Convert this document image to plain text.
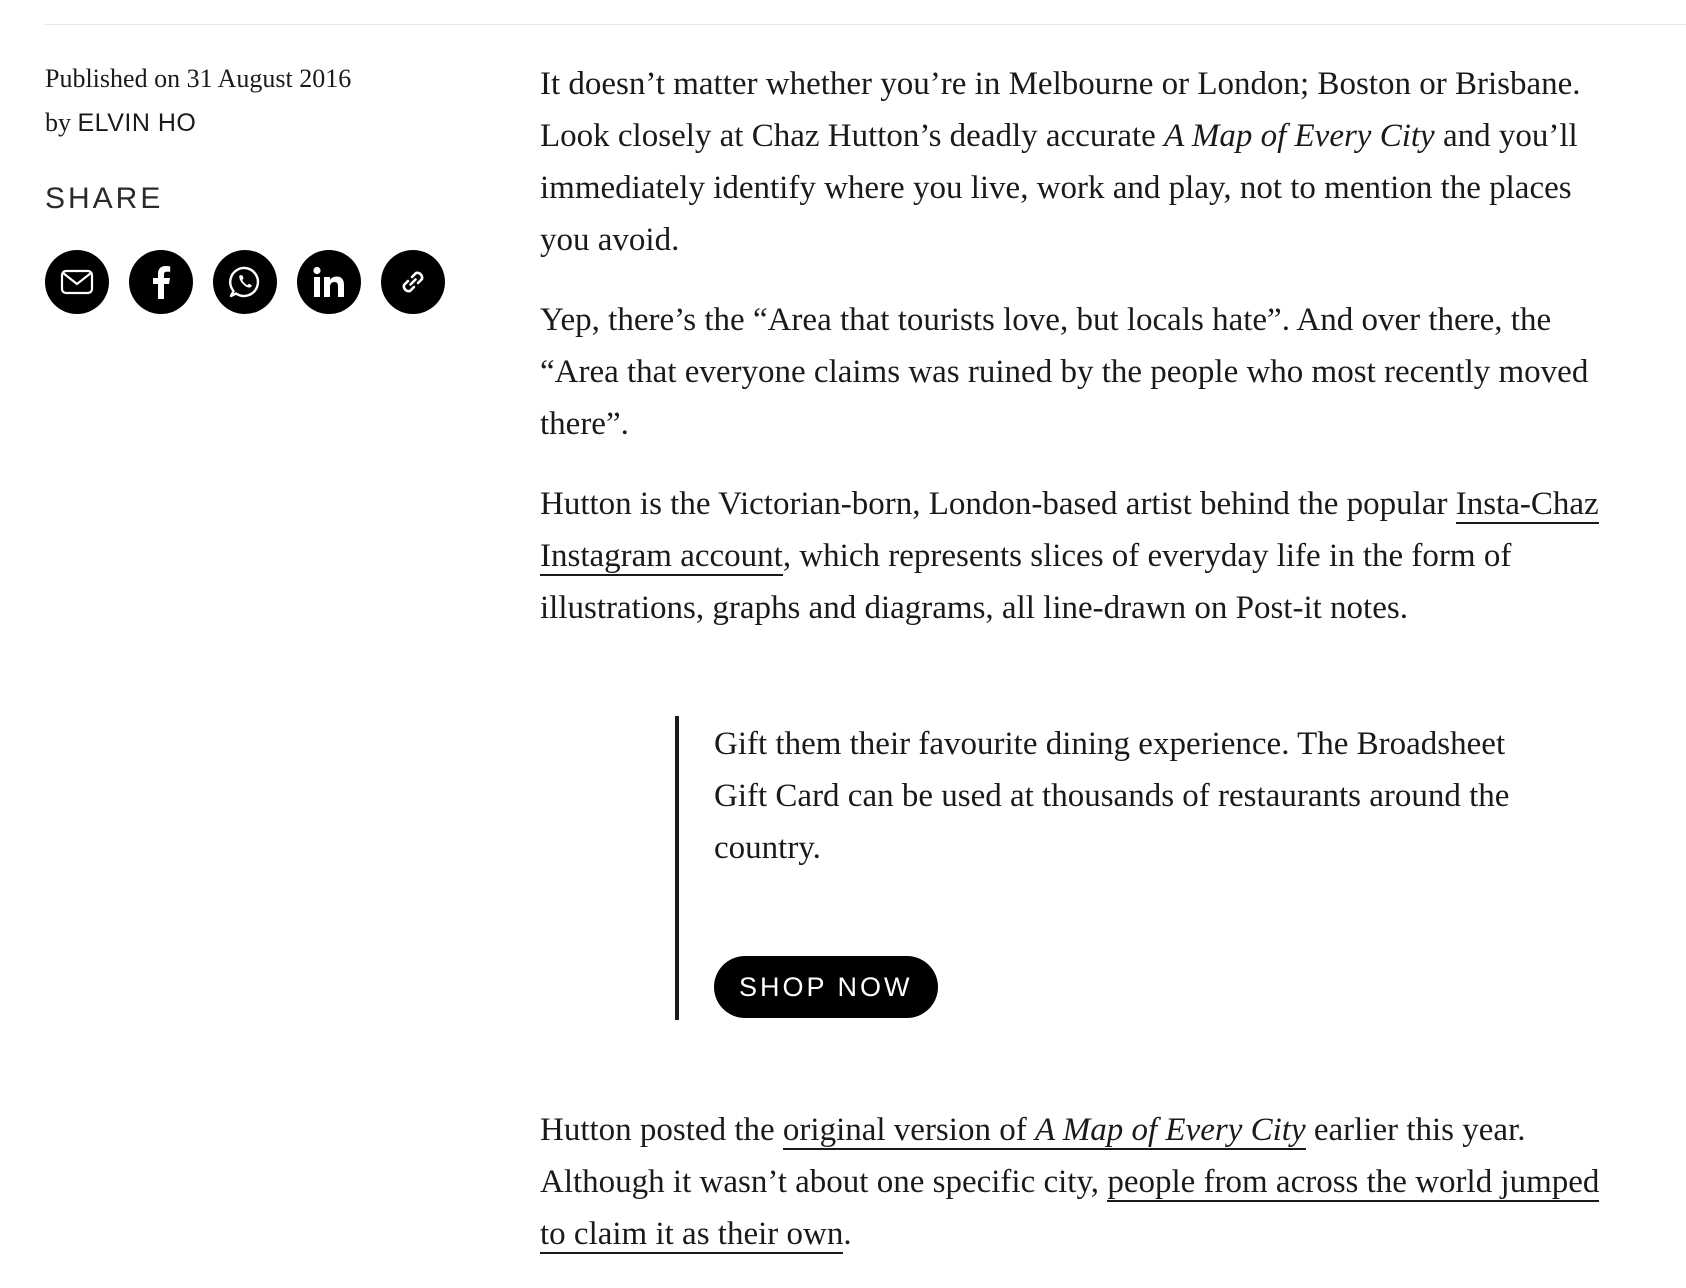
Published on 31 August 2016
by ELVIN HO
SHARE

It doesn’t matter whether you’re in Melbourne or London; Boston or Brisbane. Look closely at Chaz Hutton’s deadly accurate A Map of Every City and you’ll immediately identify where you live, work and play, not to mention the places you avoid.

Yep, there’s the “Area that tourists love, but locals hate”. And over there, the “Area that everyone claims was ruined by the people who most recently moved there”.

Hutton is the Victorian-born, London-based artist behind the popular Insta-Chaz Instagram account, which represents slices of everyday life in the form of illustrations, graphs and diagrams, all line-drawn on Post-it notes.

Gift them their favourite dining experience. The Broadsheet Gift Card can be used at thousands of restaurants around the country.

SHOP NOW

Hutton posted the original version of A Map of Every City earlier this year. Although it wasn’t about one specific city, people from across the world jumped to claim it as their own.
